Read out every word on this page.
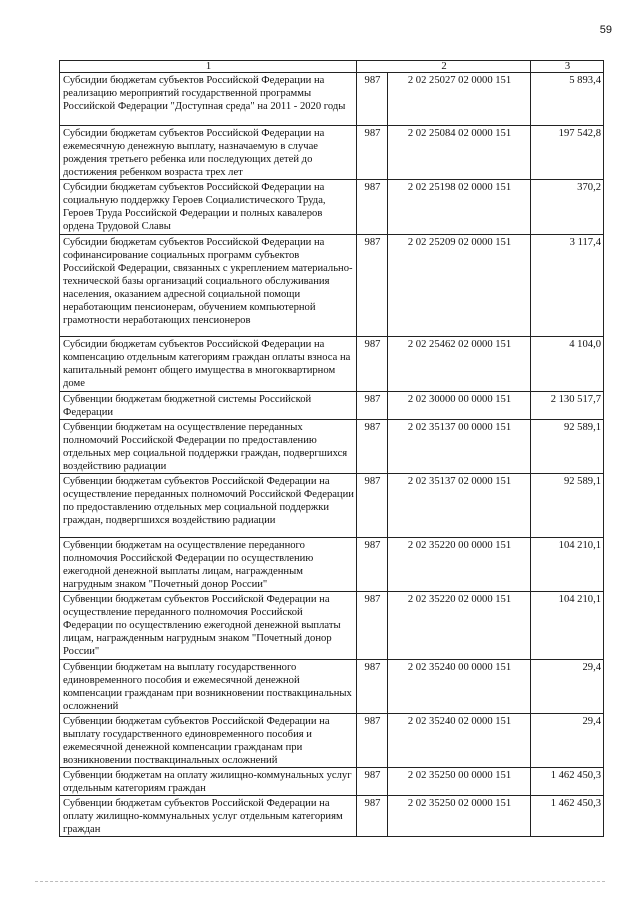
59
1	2		3
Субсидии бюджетам субъектов Российской Федерации на реализацию мероприятий государственной программы Российской Федерации "Доступная среда" на 2011 - 2020 годы	987	2 02 25027 02 0000 151	5 893,4
Субсидии бюджетам субъектов Российской Федерации на ежемесячную денежную выплату, назначаемую в случае рождения третьего ребенка или последующих детей до достижения ребенком возраста трех лет	987	2 02 25084 02 0000 151	197 542,8
Субсидии бюджетам субъектов Российской Федерации на социальную поддержку Героев Социалистического Труда, Героев Труда Российской Федерации и полных кавалеров ордена Трудовой Славы	987	2 02 25198 02 0000 151	370,2
Субсидии бюджетам субъектов Российской Федерации на софинансирование социальных программ субъектов Российской Федерации, связанных с укреплением материально-технической базы организаций социального обслуживания населения, оказанием адресной социальной помощи неработающим пенсионерам, обучением компьютерной грамотности неработающих пенсионеров	987	2 02 25209 02 0000 151	3 117,4
Субсидии бюджетам субъектов Российской Федерации на компенсацию отдельным категориям граждан оплаты взноса на капитальный ремонт общего имущества в многоквартирном доме	987	2 02 25462 02 0000 151	4 104,0
Субвенции бюджетам бюджетной системы Российской Федерации	987	2 02 30000 00 0000 151	2 130 517,7
Субвенции бюджетам на осуществление переданных полномочий Российской Федерации по предоставлению отдельных мер социальной поддержки граждан, подвергшихся воздействию радиации	987	2 02 35137 00 0000 151	92 589,1
Субвенции бюджетам субъектов Российской Федерации на осуществление переданных полномочий Российской Федерации по предоставлению отдельных мер социальной поддержки граждан, подвергшихся воздействию радиации	987	2 02 35137 02 0000 151	92 589,1
Субвенции бюджетам на осуществление переданного полномочия Российской Федерации по осуществлению ежегодной денежной выплаты лицам, награжденным нагрудным знаком "Почетный донор России"	987	2 02 35220 00 0000 151	104 210,1
Субвенции бюджетам субъектов Российской Федерации на осуществление переданного полномочия Российской Федерации по осуществлению ежегодной денежной выплаты лицам, награжденным нагрудным знаком "Почетный донор России"	987	2 02 35220 02 0000 151	104 210,1
Субвенции бюджетам на выплату государственного единовременного пособия и ежемесячной денежной компенсации гражданам при возникновении поствакцинальных осложнений	987	2 02 35240 00 0000 151	29,4
Субвенции бюджетам субъектов Российской Федерации на выплату государственного единовременного пособия и ежемесячной денежной компенсации гражданам при возникновении поствакцинальных осложнений	987	2 02 35240 02 0000 151	29,4
Субвенции бюджетам на оплату жилищно-коммунальных услуг отдельным категориям граждан	987	2 02 35250 00 0000 151	1 462 450,3
Субвенции бюджетам субъектов Российской Федерации на оплату жилищно-коммунальных услуг отдельным категориям граждан	987	2 02 35250 02 0000 151	1 462 450,3
